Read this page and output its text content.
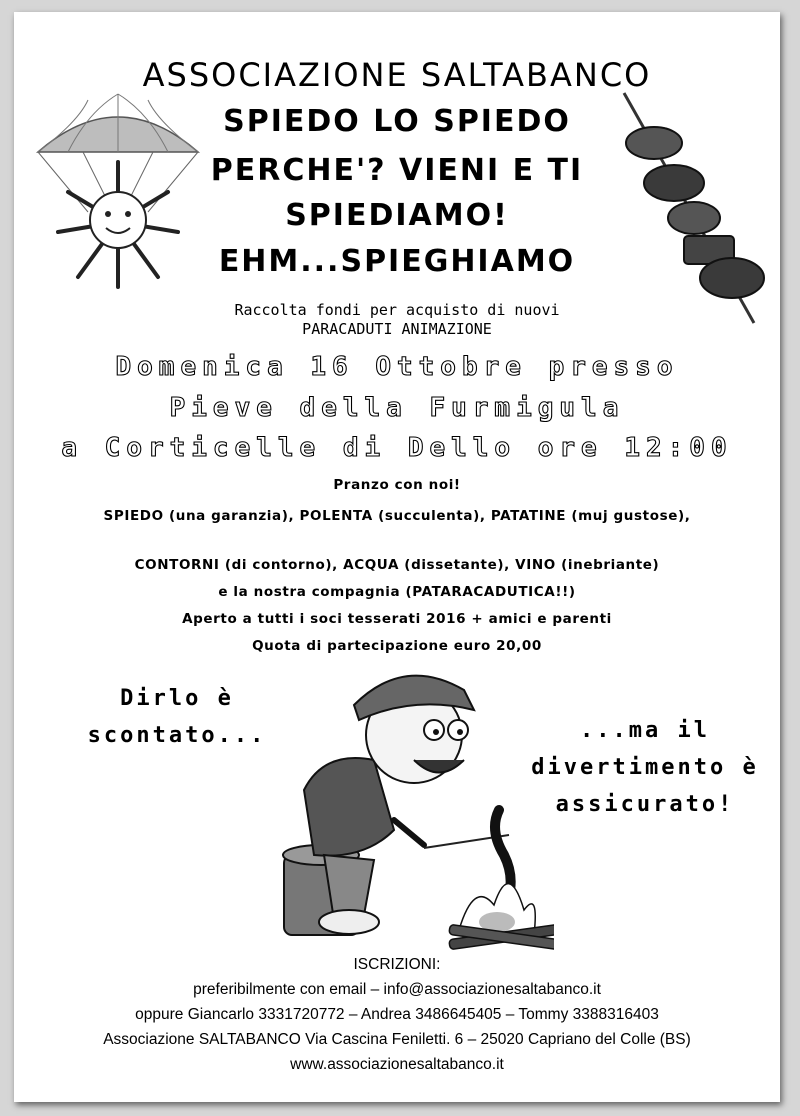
ASSOCIAZIONE SALTABANCO
SPIEDO LO SPIEDO
PERCHE'? VIENI E TI
SPIEDIAMO!
EHM...SPIEGHIAMO
Raccolta fondi per acquisto di nuovi
PARACADUTI ANIMAZIONE
Domenica 16 Ottobre presso
Pieve della Furmigula
a Corticelle di Dello ore 12:00
Pranzo con noi!
SPIEDO (una garanzia), POLENTA (succulenta), PATATINE (muj gustose),
CONTORNI (di contorno), ACQUA (dissetante), VINO (inebriante)
e la nostra compagnia (PATARACADUTICA!!)
Aperto a tutti i soci tesserati 2016 + amici e parenti
Quota di partecipazione euro 20,00
Dirlo è scontato...	...ma il divertimento è assicurato!
ISCRIZIONI:
preferibilmente con email – info@associazionesaltabanco.it
oppure Giancarlo 3331720772 – Andrea 3486645405 – Tommy 3388316403
Associazione SALTABANCO Via Cascina Feniletti. 6 – 25020 Capriano del Colle (BS)
www.associazionesaltabanco.it
